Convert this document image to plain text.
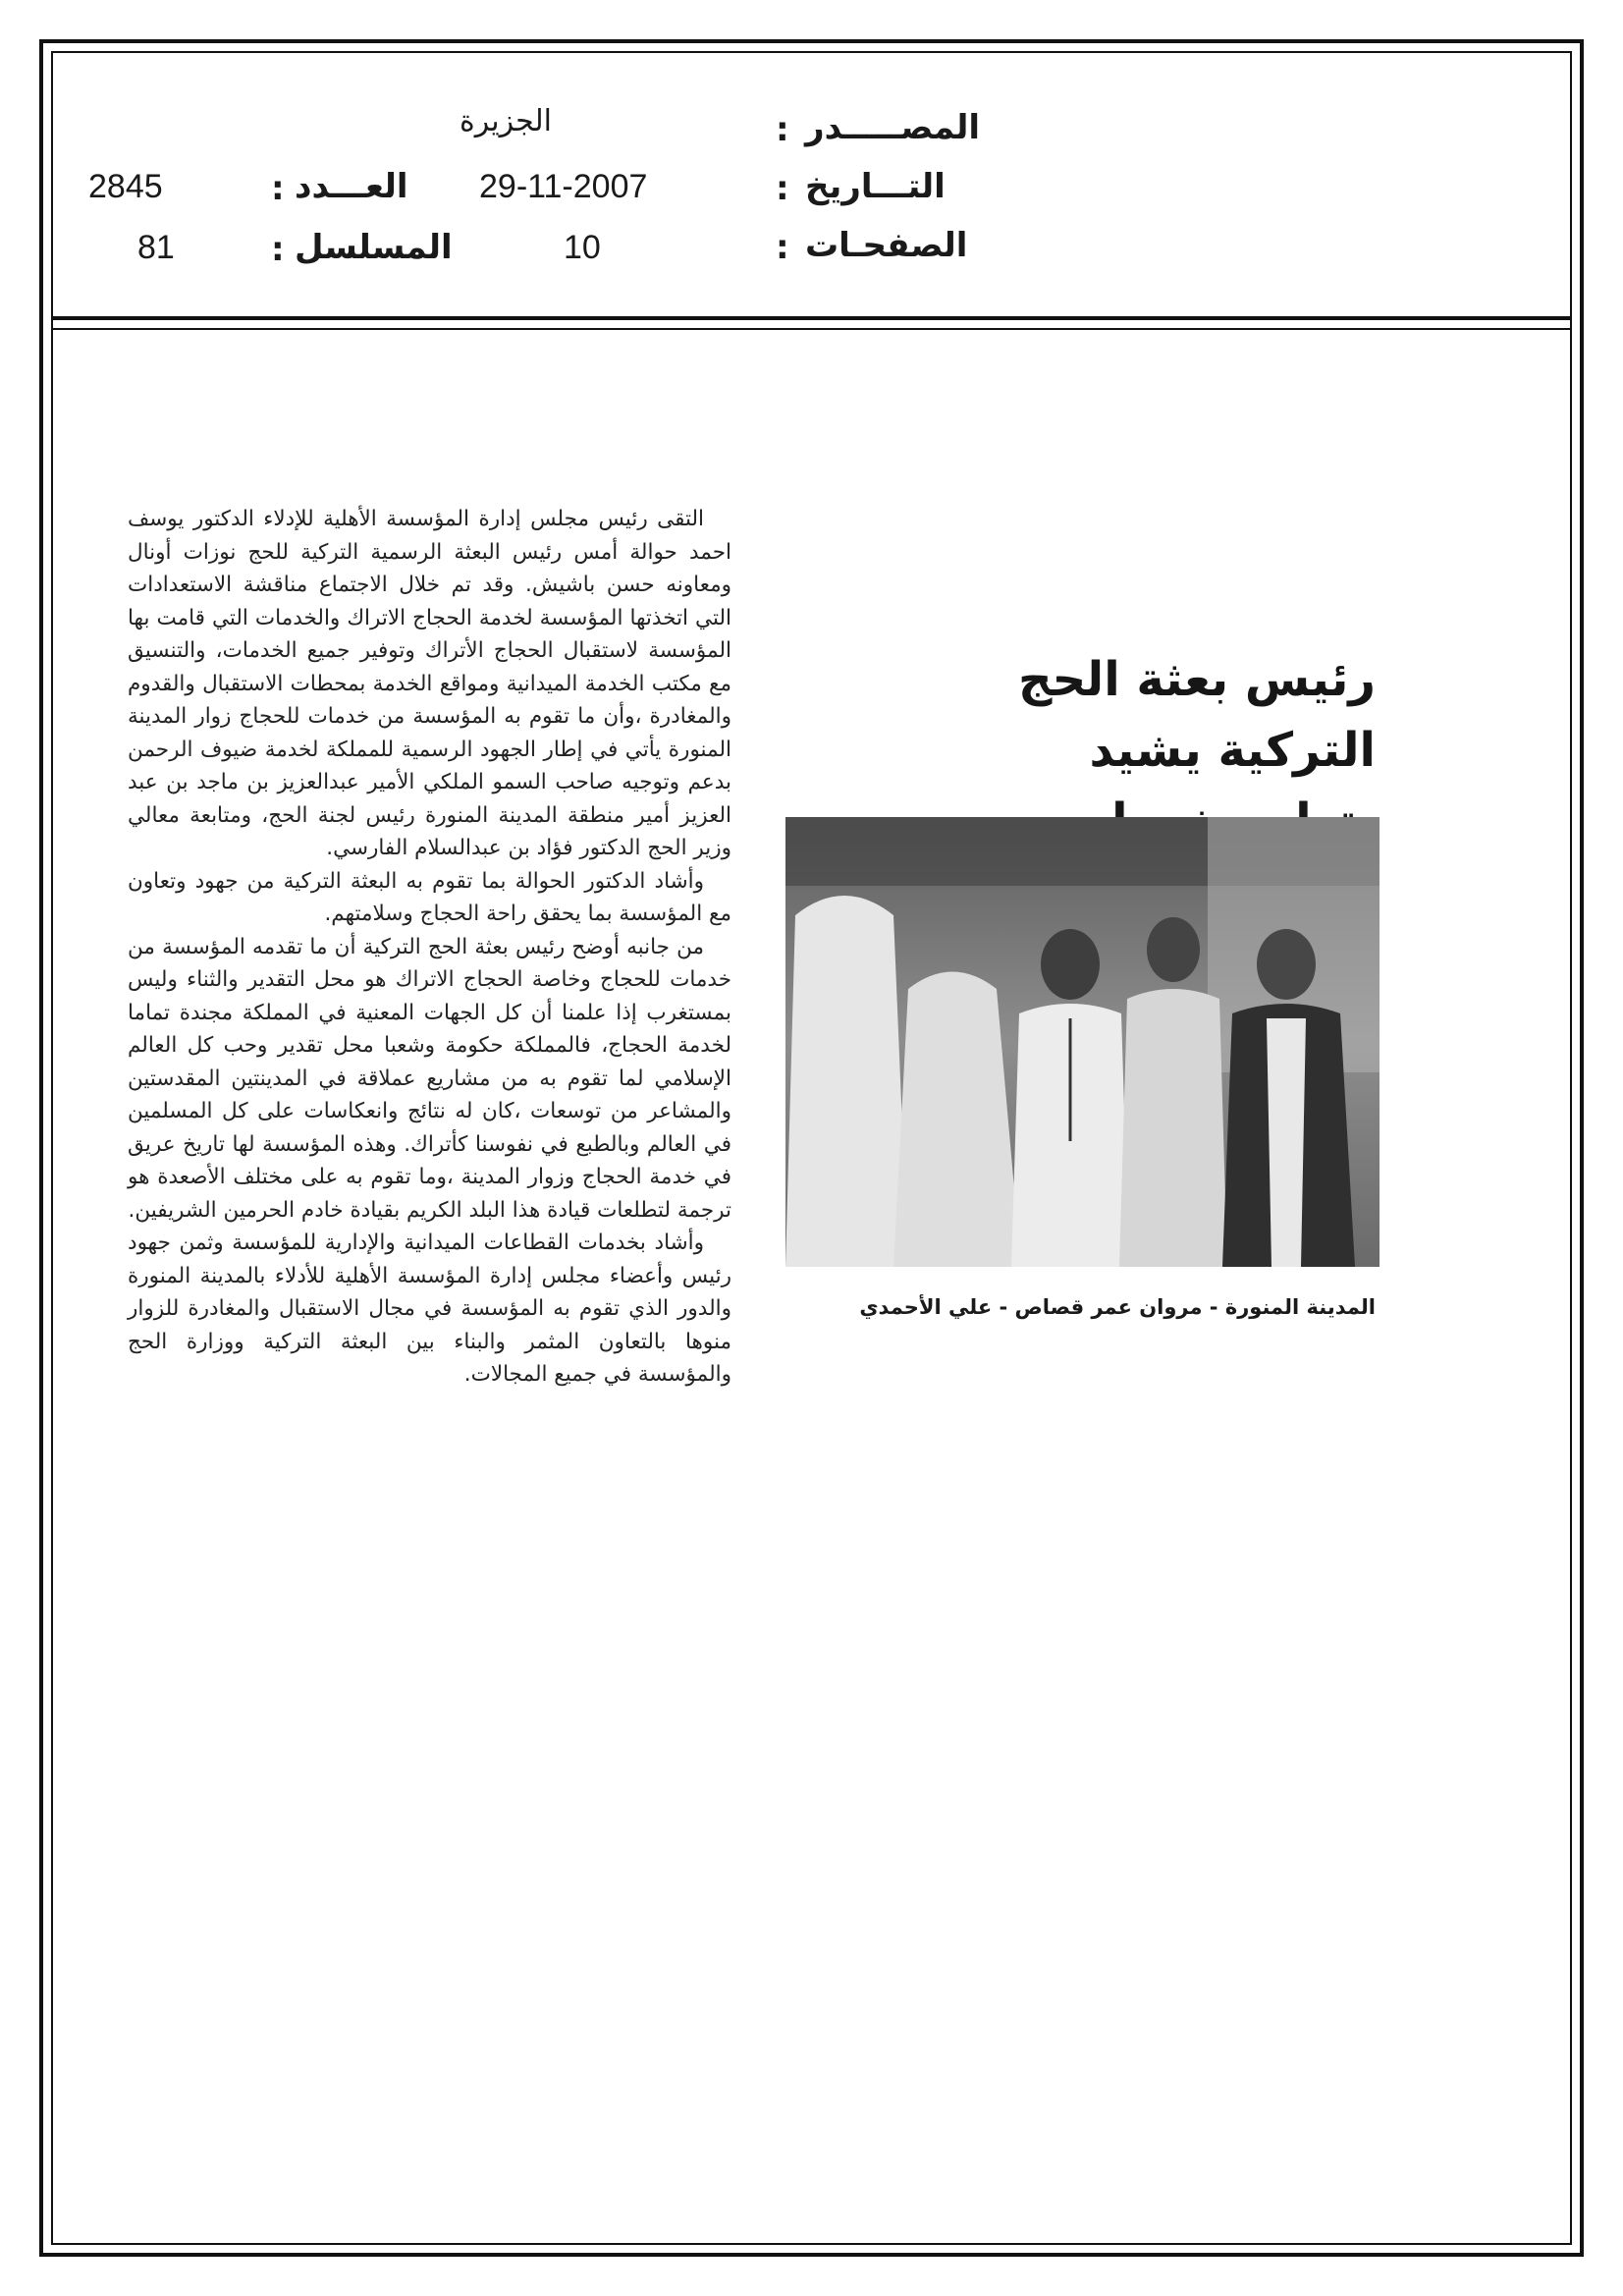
المصـــــدر
:
الجزيرة
التـــاريخ
:
29-11-2007
العـــدد
:
2845
الصفحـات
:
10
المسلسل
:
81
رئيس بعثة الحج التركية يشيد
المدينة المنورة - مروان عمر قصاص - علي الأحمدي

التقى رئيس مجلس إدارة المؤسسة الأهلية للإدلاء الدكتور يوسف احمد حوالة أمس رئيس البعثة الرسمية التركية للحج نوزات أونال ومعاونه حسن باشيش. وقد تم خلال الاجتماع مناقشة الاستعدادات التي اتخذتها المؤسسة لخدمة الحجاج الاتراك والخدمات التي قامت بها المؤسسة لاستقبال الحجاج الأتراك وتوفير جميع الخدمات، والتنسيق مع مكتب الخدمة الميدانية ومواقع الخدمة بمحطات الاستقبال والقدوم والمغادرة ،وأن ما تقوم به المؤسسة من خدمات للحجاج زوار المدينة المنورة يأتي في إطار الجهود الرسمية للمملكة لخدمة ضيوف الرحمن بدعم وتوجيه صاحب السمو الملكي الأمير عبدالعزيز بن ماجد بن عبد العزيز أمير منطقة المدينة المنورة رئيس لجنة الحج، ومتابعة معالي وزير الحج الدكتور فؤاد بن عبدالسلام الفارسي.

وأشاد الدكتور الحوالة بما تقوم به البعثة التركية من جهود وتعاون مع المؤسسة بما يحقق راحة الحجاج وسلامتهم.

من جانبه أوضح رئيس بعثة الحج التركية أن ما تقدمه المؤسسة من خدمات للحجاج وخاصة الحجاج الاتراك هو محل التقدير والثناء وليس بمستغرب إذا علمنا أن كل الجهات المعنية في المملكة مجندة تماما لخدمة الحجاج، فالمملكة حكومة وشعبا محل تقدير وحب كل العالم الإسلامي لما تقوم به من مشاريع عملاقة في المدينتين المقدستين والمشاعر من توسعات ،كان له نتائج وانعكاسات على كل المسلمين في العالم وبالطبع في نفوسنا كأتراك. وهذه المؤسسة لها تاريخ عريق في خدمة الحجاج وزوار المدينة ،وما تقوم به على مختلف الأصعدة هو ترجمة لتطلعات قيادة هذا البلد الكريم بقيادة خادم الحرمين الشريفين.

وأشاد بخدمات القطاعات الميدانية والإدارية للمؤسسة وثمن جهود رئيس وأعضاء مجلس إدارة المؤسسة الأهلية للأدلاء بالمدينة المنورة والدور الذي تقوم به المؤسسة في مجال الاستقبال والمغادرة للزوار منوها بالتعاون المثمر والبناء بين البعثة التركية ووزارة الحج والمؤسسة في جميع المجالات.
